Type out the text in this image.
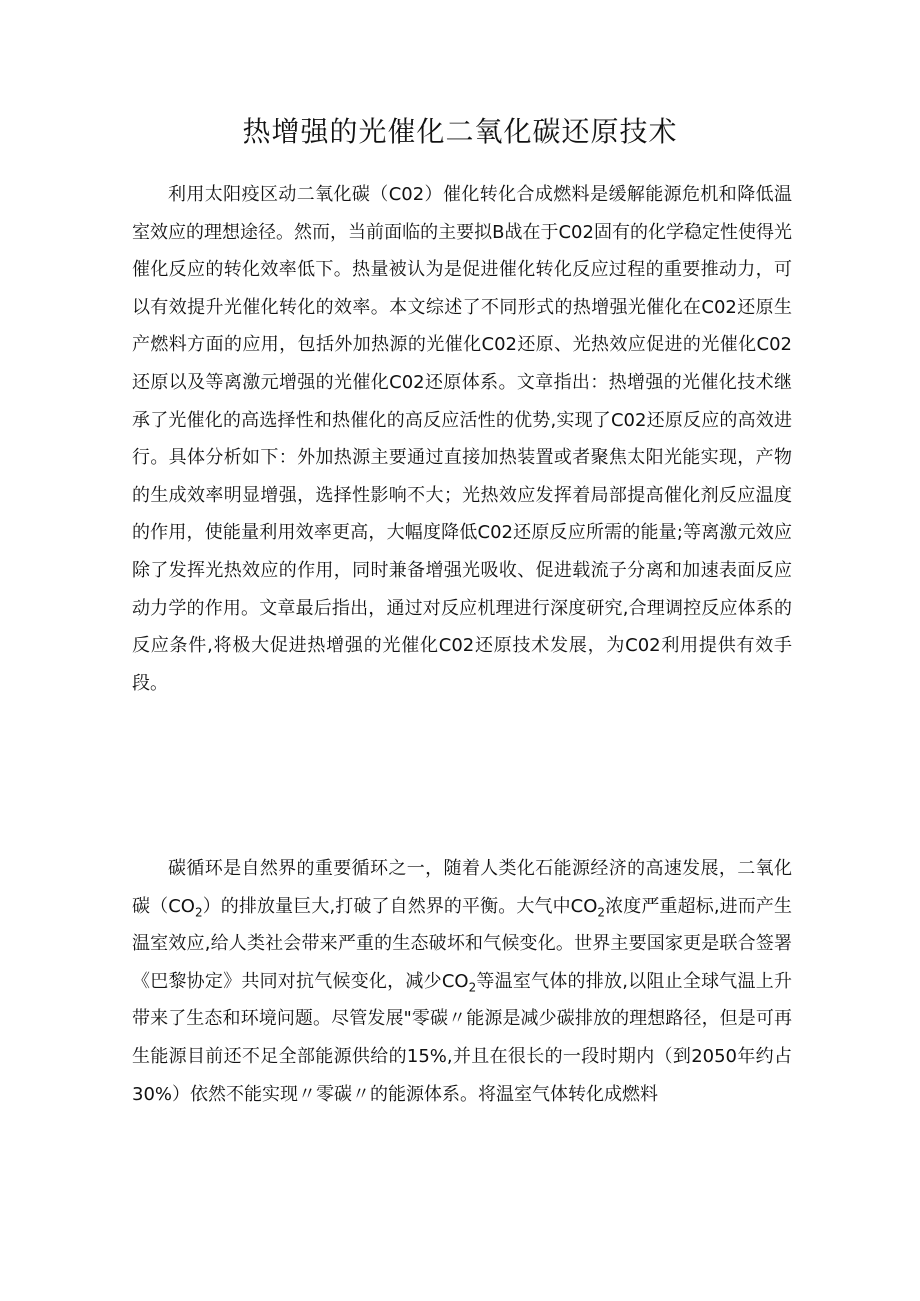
热增强的光催化二氧化碳还原技术

利用太阳疫区动二氧化碳（C02）催化转化合成燃料是缓解能源危机和降低温室效应的理想途径。然而，当前面临的主要拟B战在于C02固有的化学稳定性使得光催化反应的转化效率低下。热量被认为是促进催化转化反应过程的重要推动力，可以有效提升光催化转化的效率。本文综述了不同形式的热增强光催化在C02还原生产燃料方面的应用，包括外加热源的光催化C02还原、光热效应促进的光催化C02还原以及等离激元增强的光催化C02还原体系。文章指出：热增强的光催化技术继承了光催化的高选择性和热催化的高反应活性的优势,实现了C02还原反应的高效进行。具体分析如下：外加热源主要通过直接加热装置或者聚焦太阳光能实现，产物的生成效率明显增强，选择性影响不大；光热效应发挥着局部提高催化剂反应温度的作用，使能量利用效率更高，大幅度降低C02还原反应所需的能量;等离激元效应除了发挥光热效应的作用，同时兼备增强光吸收、促进载流子分离和加速表面反应动力学的作用。文章最后指出，通过对反应机理进行深度研究,合理调控反应体系的反应条件,将极大促进热增强的光催化C02还原技术发展，为C02利用提供有效手段。

碳循环是自然界的重要循环之一，随着人类化石能源经济的高速发展，二氧化碳$(CO_2)$的排放量巨大,打破了自然界的平衡。大气中$CO_2$浓度严重超标,进而产生温室效应,给人类社会带来严重的生态破坏和气候变化。世界主要国家更是联合签署《巴黎协定》共同对抗气候变化，减少$CO_2$等温室气体的排放,以阻止全球气温上升带来了生态和环境问题。尽管发展"零碳〃能源是减少碳排放的理想路径，但是可再生能源目前还不足全部能源供给的15%,并且在很长的一段时期内（到2050年约占30%）依然不能实现〃零碳〃的能源体系。将温室气体转化成燃料
